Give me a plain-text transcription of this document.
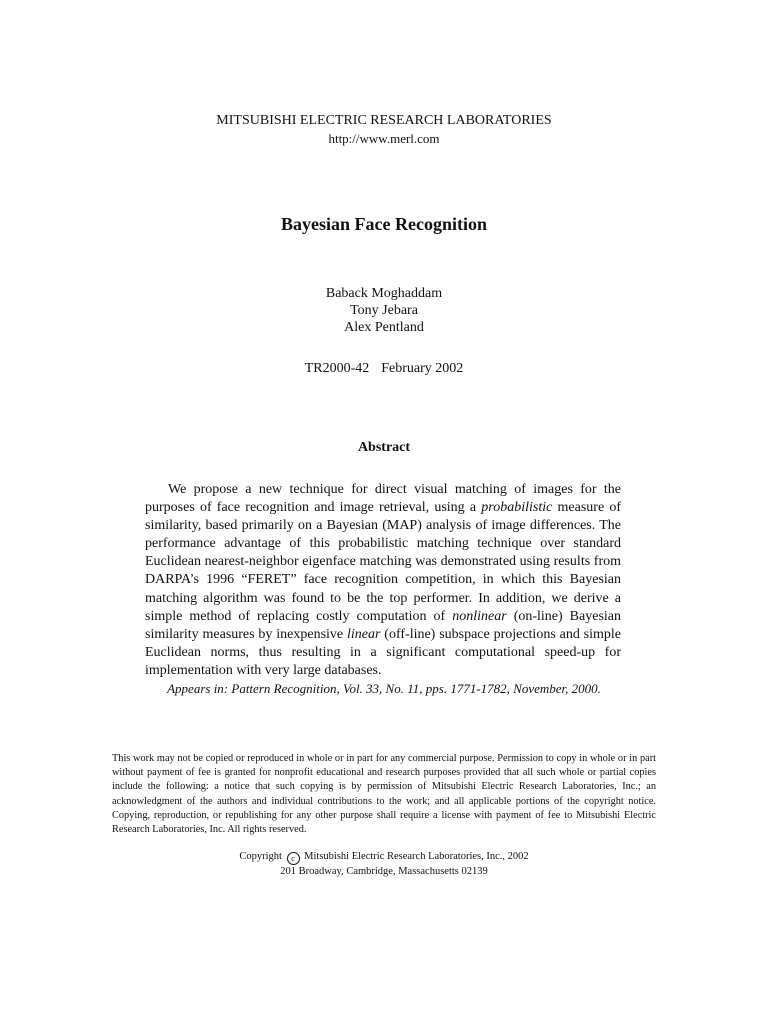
MITSUBISHI ELECTRIC RESEARCH LABORATORIES
http://www.merl.com
Bayesian Face Recognition
Baback Moghaddam
Tony Jebara
Alex Pentland
TR2000-42 February 2002
Abstract

We propose a new technique for direct visual matching of images for the purposes of face recognition and image retrieval, using a probabilistic measure of similarity, based primarily on a Bayesian (MAP) analysis of image differences. The performance advantage of this probabilistic matching technique over standard Euclidean nearest-neighbor eigenface matching was demonstrated using results from DARPA’s 1996 “FERET” face recognition competition, in which this Bayesian matching algorithm was found to be the top performer. In addition, we derive a simple method of replacing costly computation of nonlinear (on-line) Bayesian similarity measures by inexpensive linear (off-line) subspace projections and simple Euclidean norms, thus resulting in a significant computational speed-up for implementation with very large databases.

Appears in: Pattern Recognition, Vol. 33, No. 11, pps. 1771-1782, November, 2000.

This work may not be copied or reproduced in whole or in part for any commercial purpose. Permission to copy in whole or in part without payment of fee is granted for nonprofit educational and research purposes provided that all such whole or partial copies include the following: a notice that such copying is by permission of Mitsubishi Electric Research Laboratories, Inc.; an acknowledgment of the authors and individual contributions to the work; and all applicable portions of the copyright notice. Copying, reproduction, or republishing for any other purpose shall require a license with payment of fee to Mitsubishi Electric Research Laboratories, Inc. All rights reserved.

Copyright c Mitsubishi Electric Research Laboratories, Inc., 2002
201 Broadway, Cambridge, Massachusetts 02139
